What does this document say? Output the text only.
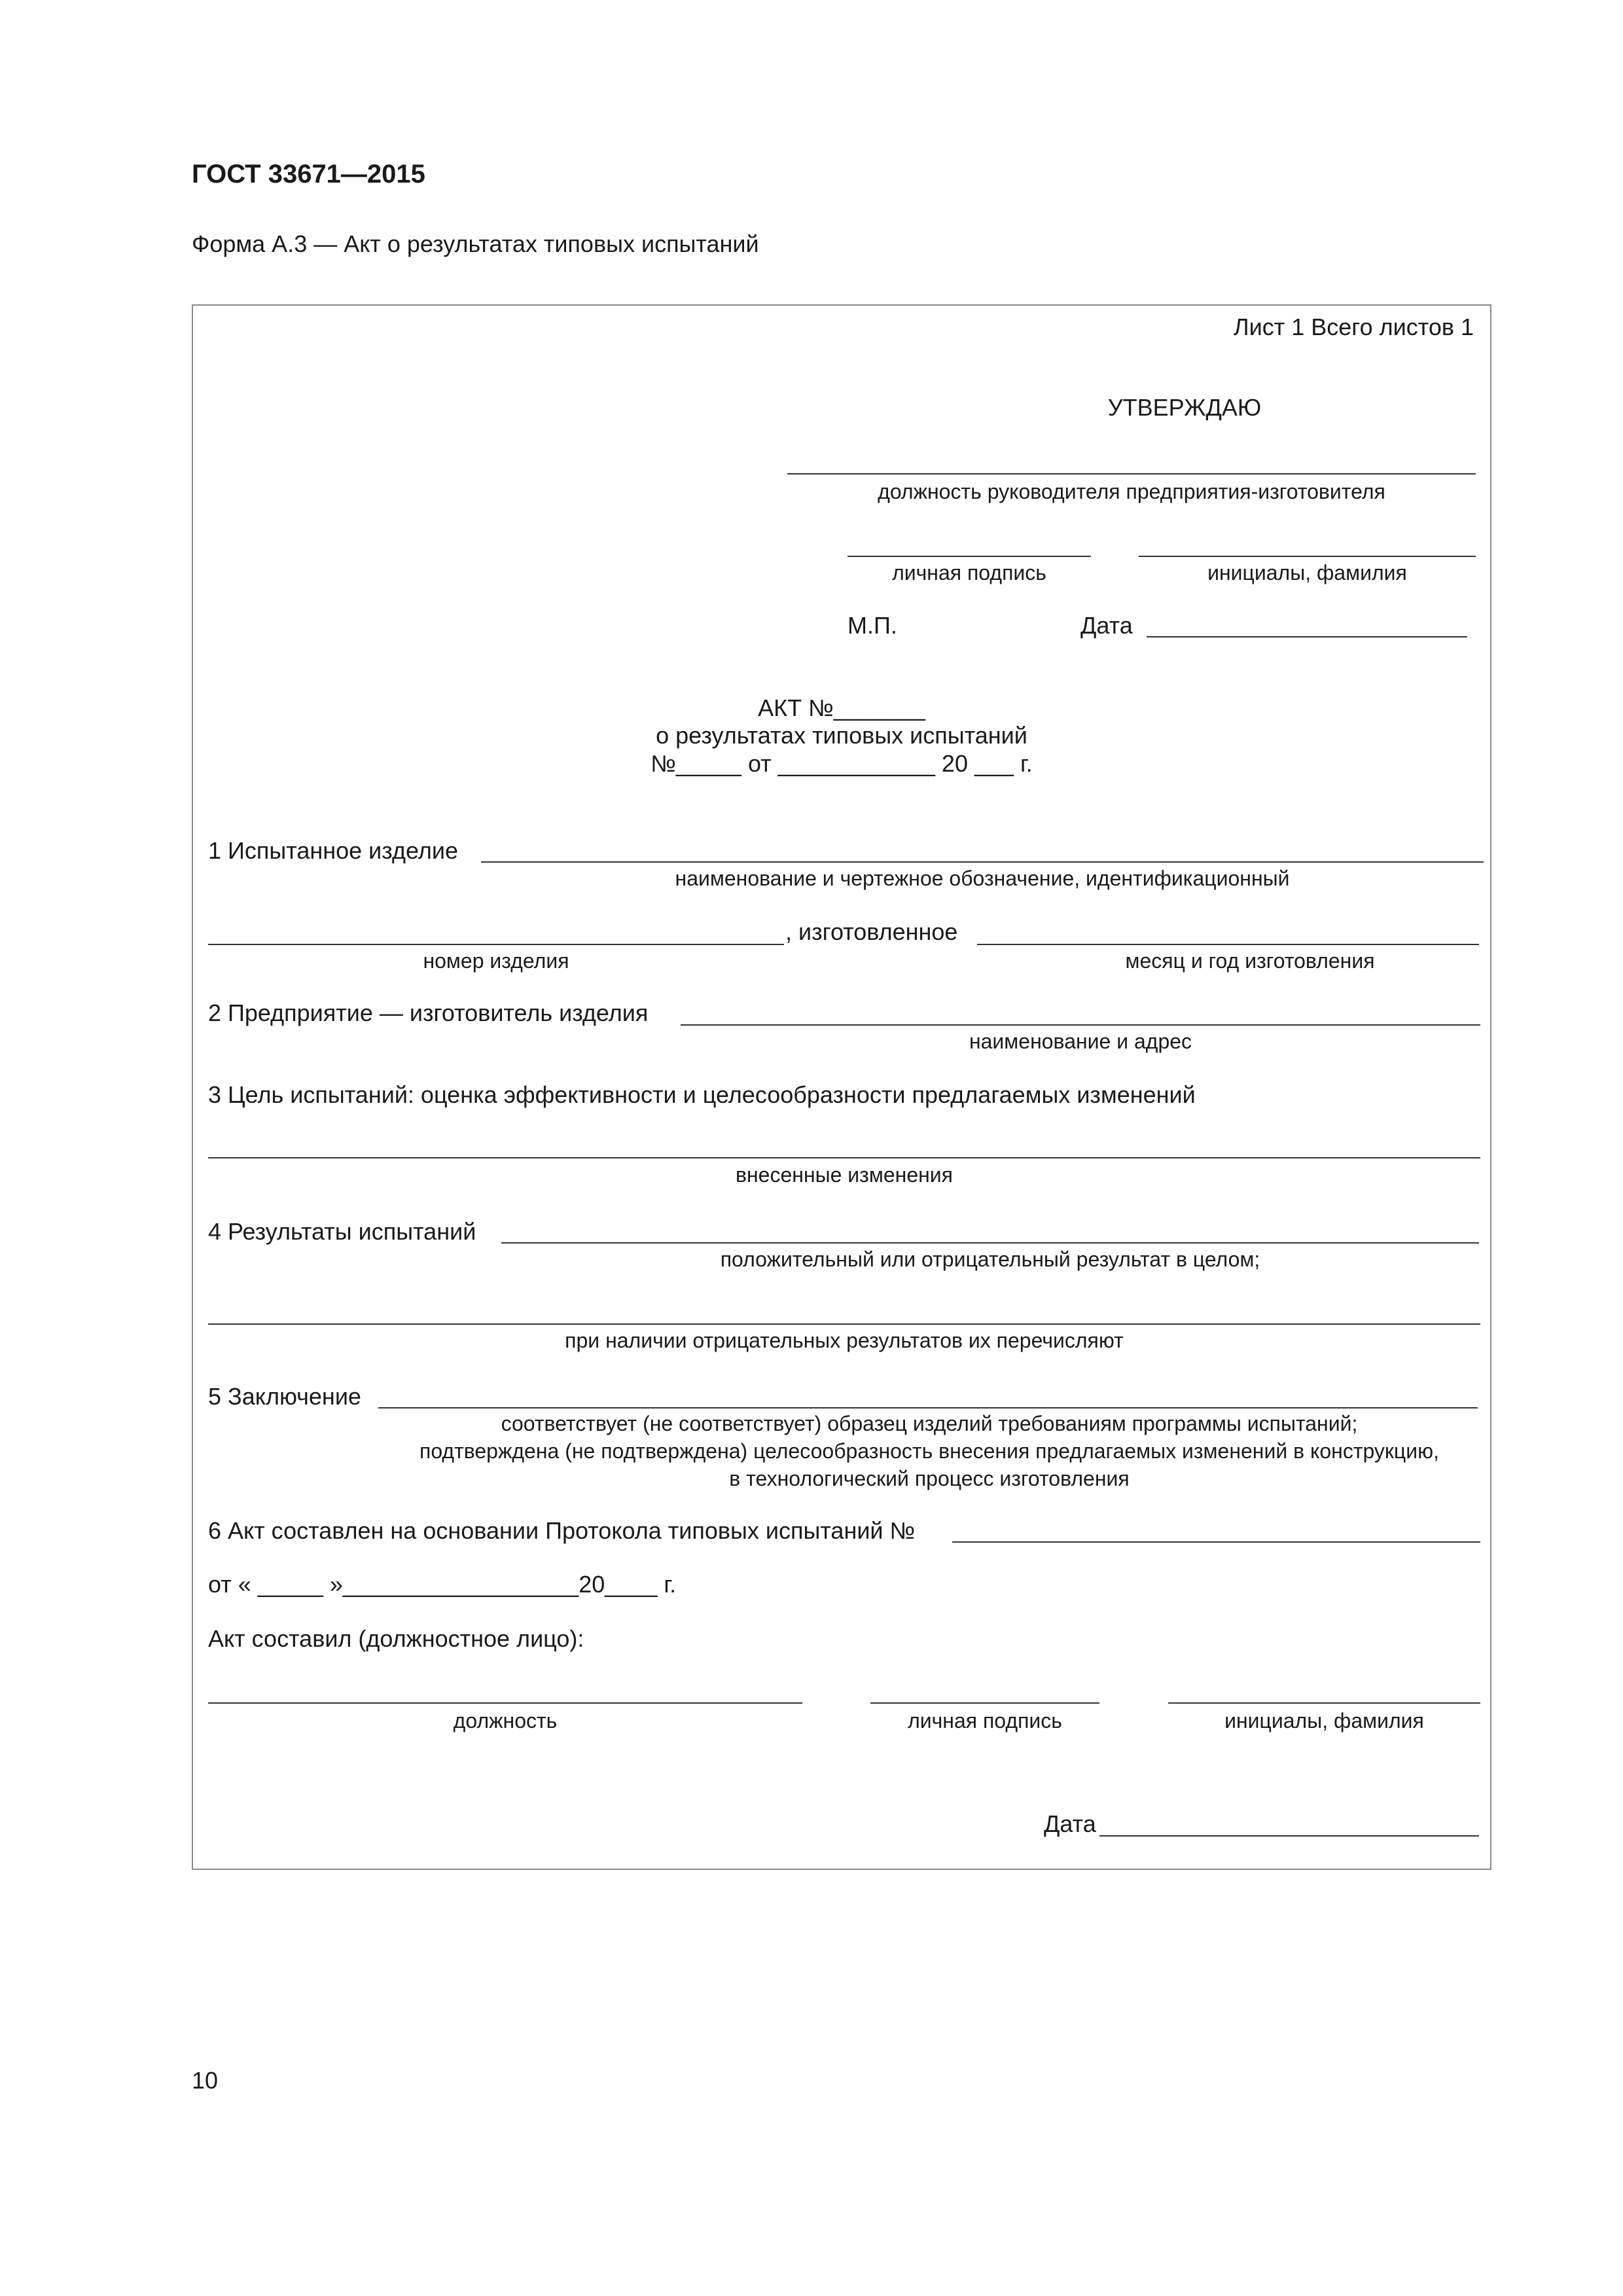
ГОСТ 33671—2015
Форма А.3 — Акт о результатах типовых испытаний
Лист 1 Всего листов 1
УТВЕРЖДАЮ
должность руководителя предприятия-изготовителя
личная подпись	инициалы, фамилия
М.П.	Дата
АКТ №_______
о результатах типовых испытаний
№_____ от ____________ 20 ___ г.
1 Испытанное изделие
наименование и чертежное обозначение, идентификационный
, изготовленное
номер изделия	месяц и год изготовления
2 Предприятие — изготовитель изделия
наименование и адрес
3 Цель испытаний: оценка эффективности и целесообразности предлагаемых изменений
внесенные изменения
4 Результаты испытаний
положительный или отрицательный результат в целом;
при наличии отрицательных результатов их перечисляют
5 Заключение
соответствует (не соответствует) образец изделий требованиям программы испытаний;
подтверждена (не подтверждена) целесообразность внесения предлагаемых изменений в конструкцию,
в технологический процесс изготовления
6 Акт составлен на основании Протокола типовых испытаний №
от « _____ »__________________20____ г.
Акт составил (должностное лицо):
должность	личная подпись	инициалы, фамилия
Дата
10
